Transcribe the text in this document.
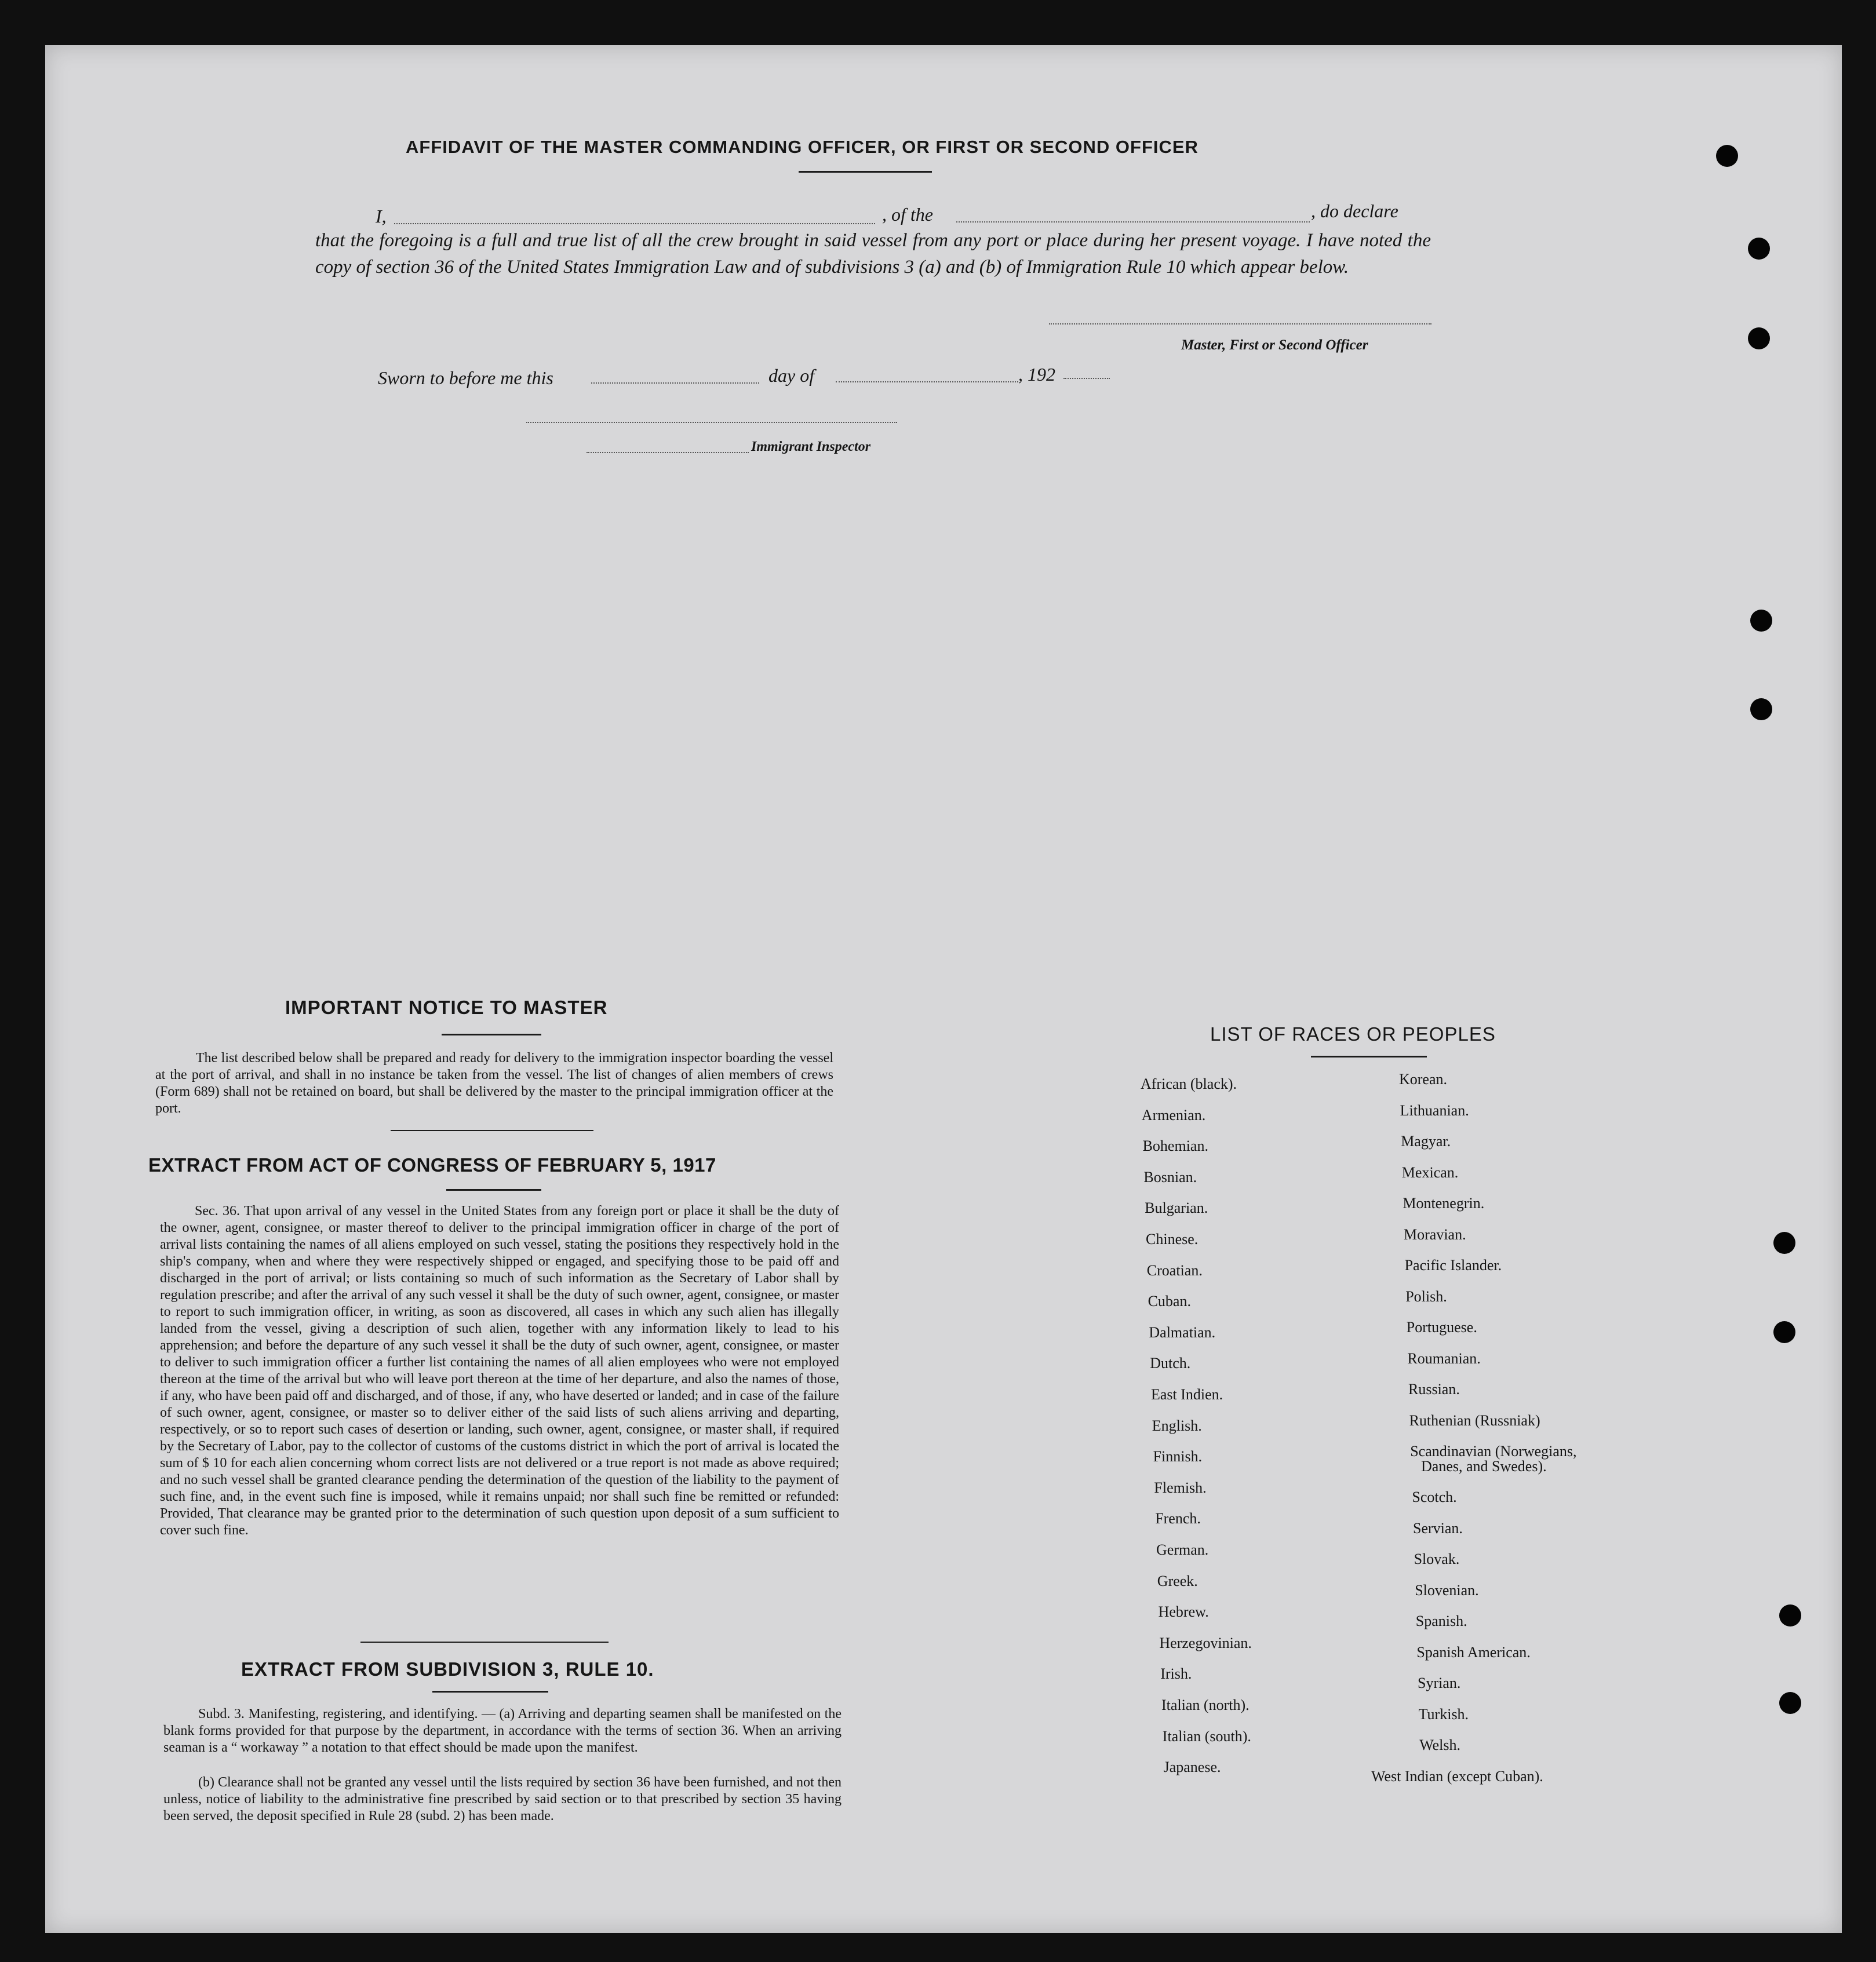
AFFIDAVIT OF THE MASTER COMMANDING OFFICER, OR FIRST OR SECOND OFFICER
I,	, of the	, do declare
that the foregoing is a full and true list of all the crew brought in said vessel from any port or place during her present voyage. I have noted the copy of section 36 of the United States Immigration Law and of subdivisions 3 (a) and (b) of Immigration Rule 10 which appear below.
Master, First or Second Officer
Sworn to before me this	day of	, 192
Immigrant Inspector
IMPORTANT NOTICE TO MASTER
The list described below shall be prepared and ready for delivery to the immigration inspector boarding the vessel at the port of arrival, and shall in no instance be taken from the vessel. The list of changes of alien members of crews (Form 689) shall not be retained on board, but shall be delivered by the master to the principal immigration officer at the port.
EXTRACT FROM ACT OF CONGRESS OF FEBRUARY 5, 1917
Sec. 36. That upon arrival of any vessel in the United States from any foreign port or place it shall be the duty of the owner, agent, consignee, or master thereof to deliver to the principal immigration officer in charge of the port of arrival lists containing the names of all aliens employed on such vessel, stating the positions they respectively hold in the ship's company, when and where they were respectively shipped or engaged, and specifying those to be paid off and discharged in the port of arrival; or lists containing so much of such information as the Secretary of Labor shall by regulation prescribe; and after the arrival of any such vessel it shall be the duty of such owner, agent, consignee, or master to report to such immigration officer, in writing, as soon as discovered, all cases in which any such alien has illegally landed from the vessel, giving a description of such alien, together with any information likely to lead to his apprehension; and before the departure of any such vessel it shall be the duty of such owner, agent, consignee, or master to deliver to such immigration officer a further list containing the names of all alien employees who were not employed thereon at the time of the arrival but who will leave port thereon at the time of her departure, and also the names of those, if any, who have been paid off and discharged, and of those, if any, who have deserted or landed; and in case of the failure of such owner, agent, consignee, or master so to deliver either of the said lists of such aliens arriving and departing, respectively, or so to report such cases of desertion or landing, such owner, agent, consignee, or master shall, if required by the Secretary of Labor, pay to the collector of customs of the customs district in which the port of arrival is located the sum of $ 10 for each alien concerning whom correct lists are not delivered or a true report is not made as above required; and no such vessel shall be granted clearance pending the determination of the question of the liability to the payment of such fine, and, in the event such fine is imposed, while it remains unpaid; nor shall such fine be remitted or refunded: Provided, That clearance may be granted prior to the determination of such question upon deposit of a sum sufficient to cover such fine.
EXTRACT FROM SUBDIVISION 3, RULE 10.
Subd. 3. Manifesting, registering, and identifying. — (a) Arriving and departing seamen shall be manifested on the blank forms provided for that purpose by the department, in accordance with the terms of section 36. When an arriving seaman is a “ workaway ” a notation to that effect should be made upon the manifest.
(b) Clearance shall not be granted any vessel until the lists required by section 36 have been furnished, and not then unless, notice of liability to the administrative fine prescribed by said section or to that prescribed by section 35 having been served, the deposit specified in Rule 28 (subd. 2) has been made.
LIST OF RACES OR PEOPLES
African (black).
Armenian.
Bohemian.
Bosnian.
Bulgarian.
Chinese.
Croatian.
Cuban.
Dalmatian.
Dutch.
East Indien.
English.
Finnish.
Flemish.
French.
German.
Greek.
Hebrew.
Herzegovinian.
Irish.
Italian (north).
Italian (south).
Japanese.
Korean.
Lithuanian.
Magyar.
Mexican.
Montenegrin.
Moravian.
Pacific Islander.
Polish.
Portuguese.
Roumanian.
Russian.
Ruthenian (Russniak)
Scandinavian (Norwegians,
Danes, and Swedes).
Scotch.
Servian.
Slovak.
Slovenian.
Spanish.
Spanish American.
Syrian.
Turkish.
Welsh.
West Indian (except Cuban).
